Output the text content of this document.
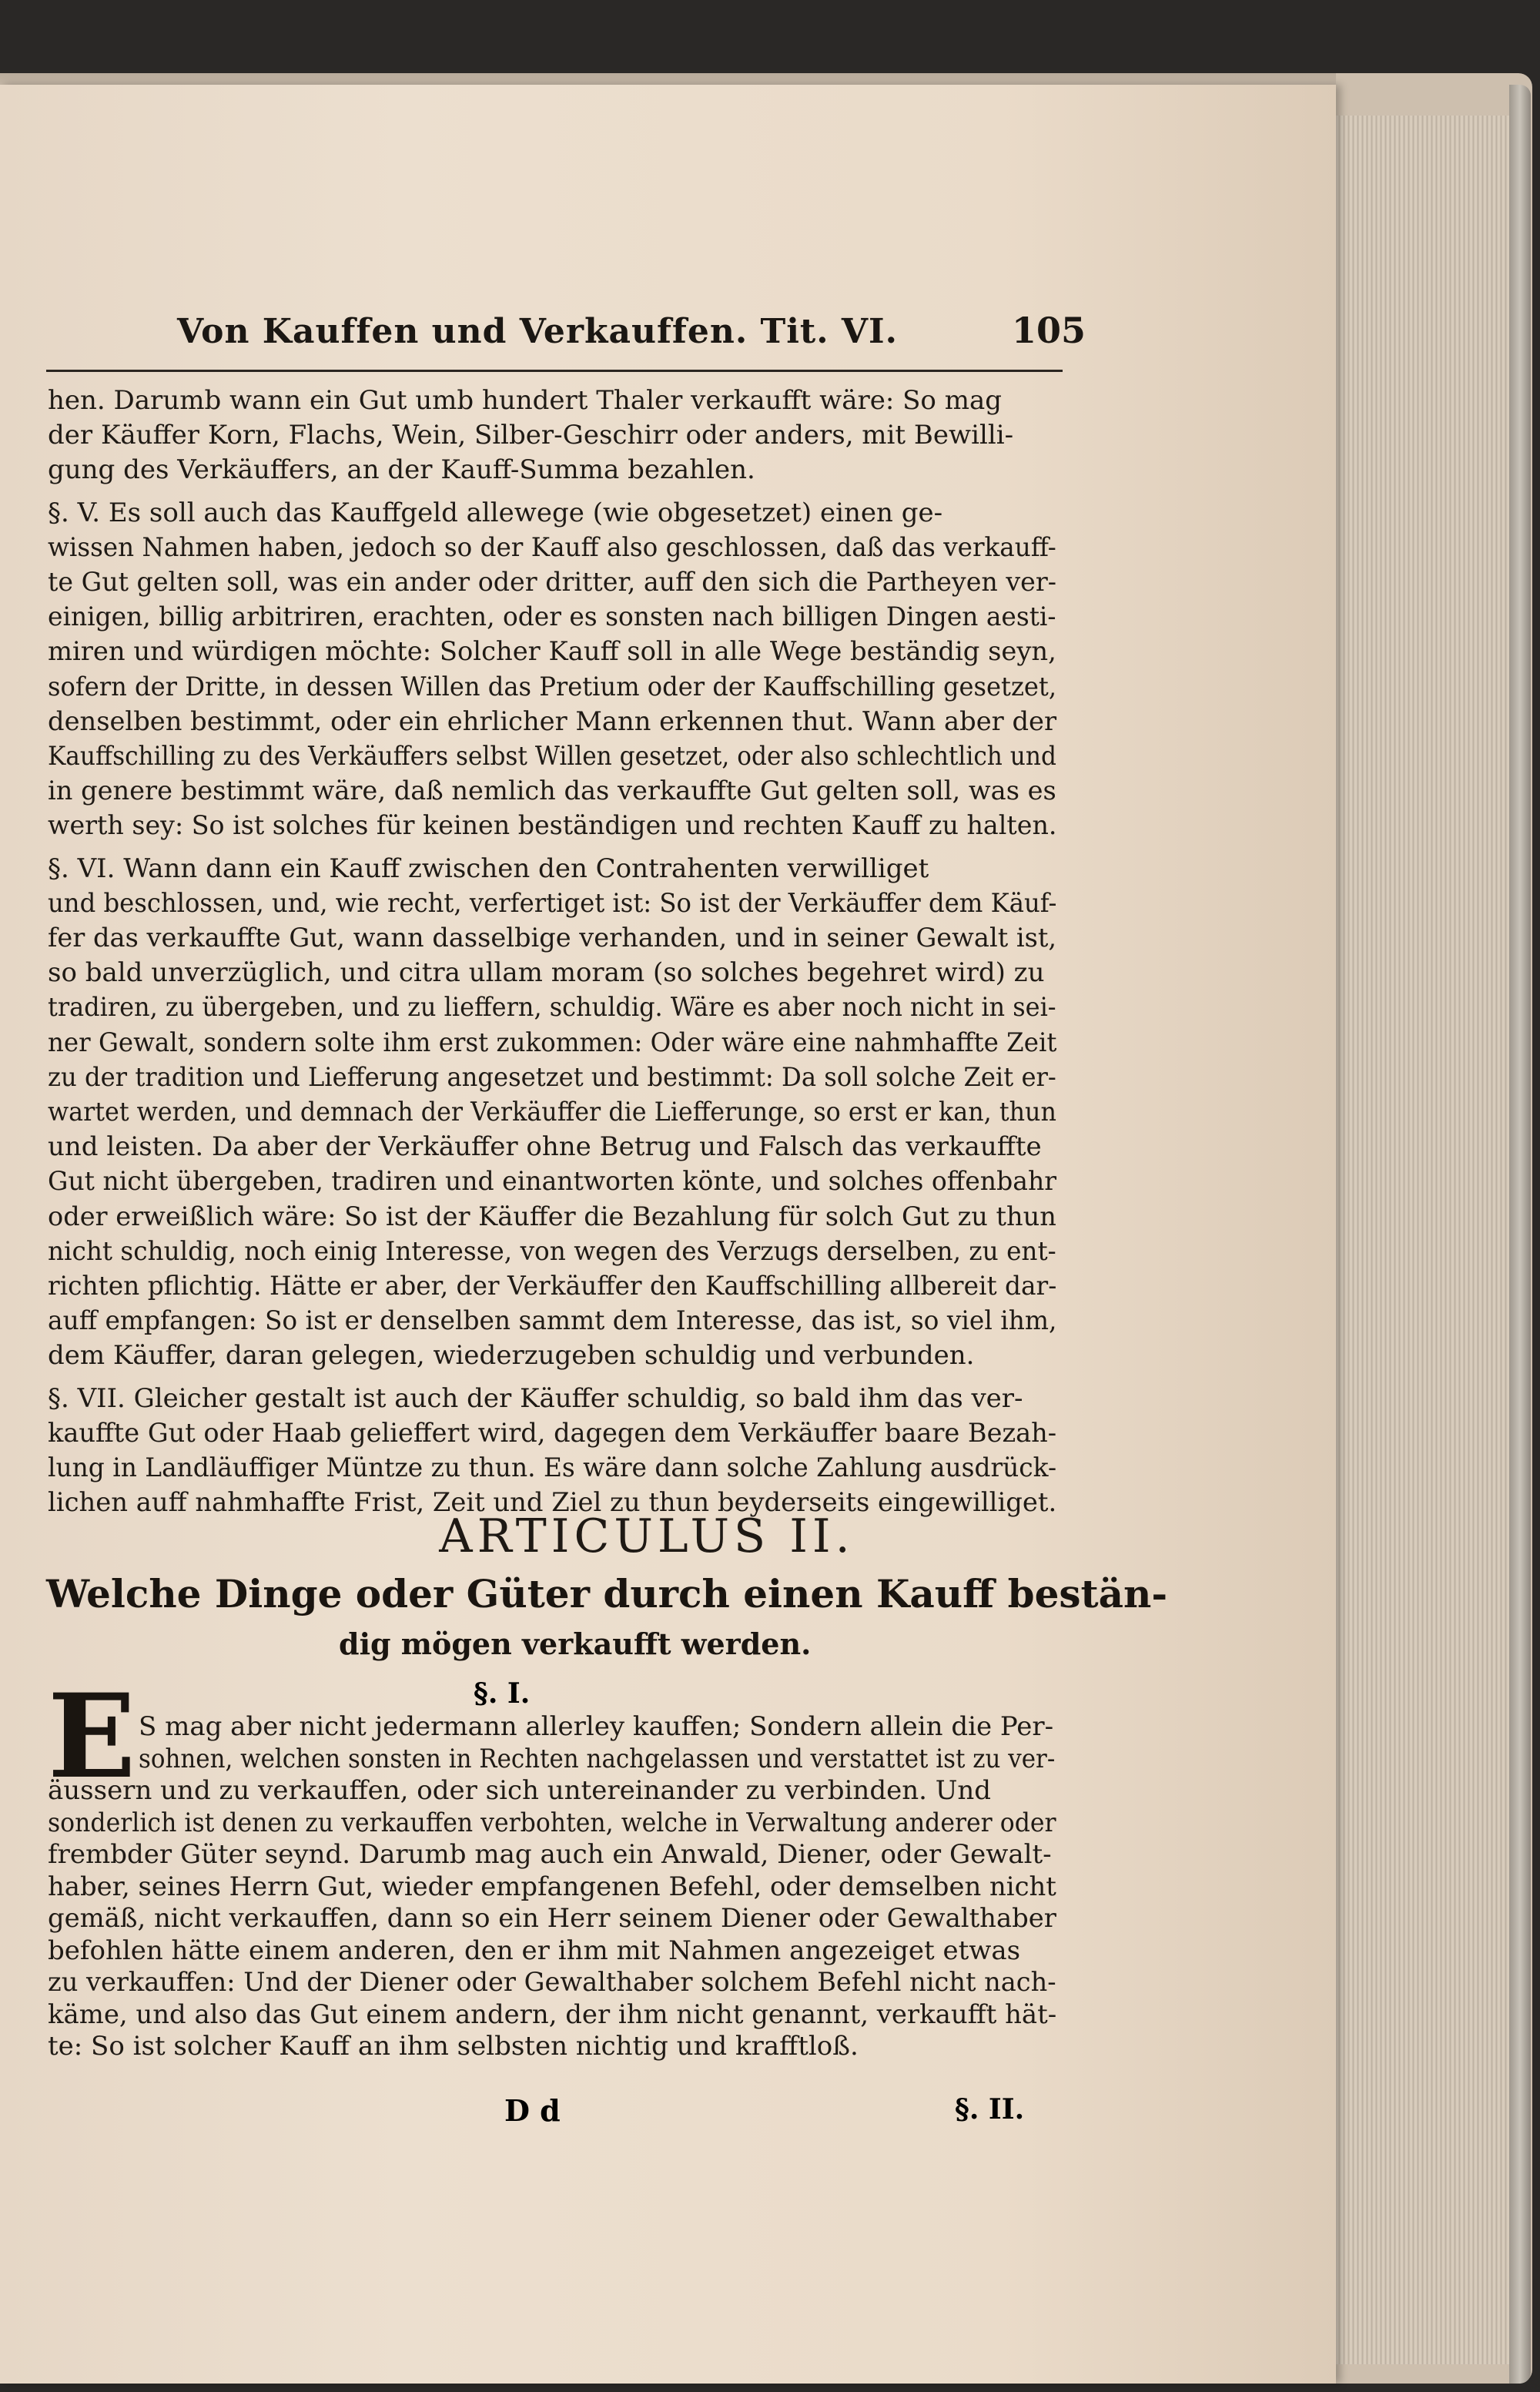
Von Kauffen und Verkauffen. Tit. VI.	105
hen. Darumb wann ein Gut umb hundert Thaler verkaufft wäre: So mag
der Käuffer Korn, Flachs, Wein, Silber-Geschirr oder anders, mit Bewilli-
gung des Verkäuffers, an der Kauff-Summa bezahlen.
§. V. Es soll auch das Kauffgeld allewege (wie obgesetzet) einen ge-
wissen Nahmen haben, jedoch so der Kauff also geschlossen, daß das verkauff-
te Gut gelten soll, was ein ander oder dritter, auff den sich die Partheyen ver-
einigen, billig arbitriren, erachten, oder es sonsten nach billigen Dingen aesti-
miren und würdigen möchte: Solcher Kauff soll in alle Wege beständig seyn,
sofern der Dritte, in dessen Willen das Pretium oder der Kauffschilling gesetzet,
denselben bestimmt, oder ein ehrlicher Mann erkennen thut. Wann aber der
Kauffschilling zu des Verkäuffers selbst Willen gesetzet, oder also schlechtlich und
in genere bestimmt wäre, daß nemlich das verkauffte Gut gelten soll, was es
werth sey: So ist solches für keinen beständigen und rechten Kauff zu halten.
§. VI. Wann dann ein Kauff zwischen den Contrahenten verwilliget
und beschlossen, und, wie recht, verfertiget ist: So ist der Verkäuffer dem Käuf-
fer das verkauffte Gut, wann dasselbige verhanden, und in seiner Gewalt ist,
so bald unverzüglich, und citra ullam moram (so solches begehret wird) zu
tradiren, zu übergeben, und zu lieffern, schuldig. Wäre es aber noch nicht in sei-
ner Gewalt, sondern solte ihm erst zukommen: Oder wäre eine nahmhaffte Zeit
zu der tradition und Liefferung angesetzet und bestimmt: Da soll solche Zeit er-
wartet werden, und demnach der Verkäuffer die Liefferunge, so erst er kan, thun
und leisten. Da aber der Verkäuffer ohne Betrug und Falsch das verkauffte
Gut nicht übergeben, tradiren und einantworten könte, und solches offenbahr
oder erweißlich wäre: So ist der Käuffer die Bezahlung für solch Gut zu thun
nicht schuldig, noch einig Interesse, von wegen des Verzugs derselben, zu ent-
richten pflichtig. Hätte er aber, der Verkäuffer den Kauffschilling allbereit dar-
auff empfangen: So ist er denselben sammt dem Interesse, das ist, so viel ihm,
dem Käuffer, daran gelegen, wiederzugeben schuldig und verbunden.
§. VII. Gleicher gestalt ist auch der Käuffer schuldig, so bald ihm das ver-
kauffte Gut oder Haab gelieffert wird, dagegen dem Verkäuffer baare Bezah-
lung in Landläuffiger Müntze zu thun. Es wäre dann solche Zahlung ausdrück-
lichen auff nahmhaffte Frist, Zeit und Ziel zu thun beyderseits eingewilliget.
ARTICULUS II.
Welche Dinge oder Güter durch einen Kauff bestän-
dig mögen verkaufft werden.
§. I.
E S mag aber nicht jedermann allerley kauffen; Sondern allein die Per-
sohnen, welchen sonsten in Rechten nachgelassen und verstattet ist zu ver-
äussern und zu verkauffen, oder sich untereinander zu verbinden. Und
sonderlich ist denen zu verkauffen verbohten, welche in Verwaltung anderer oder
frembder Güter seynd. Darumb mag auch ein Anwald, Diener, oder Gewalt-
haber, seines Herrn Gut, wieder empfangenen Befehl, oder demselben nicht
gemäß, nicht verkauffen, dann so ein Herr seinem Diener oder Gewalthaber
befohlen hätte einem anderen, den er ihm mit Nahmen angezeiget etwas
zu verkauffen: Und der Diener oder Gewalthaber solchem Befehl nicht nach-
käme, und also das Gut einem andern, der ihm nicht genannt, verkaufft hät-
te: So ist solcher Kauff an ihm selbsten nichtig und krafftloß.
D d	§. II.
